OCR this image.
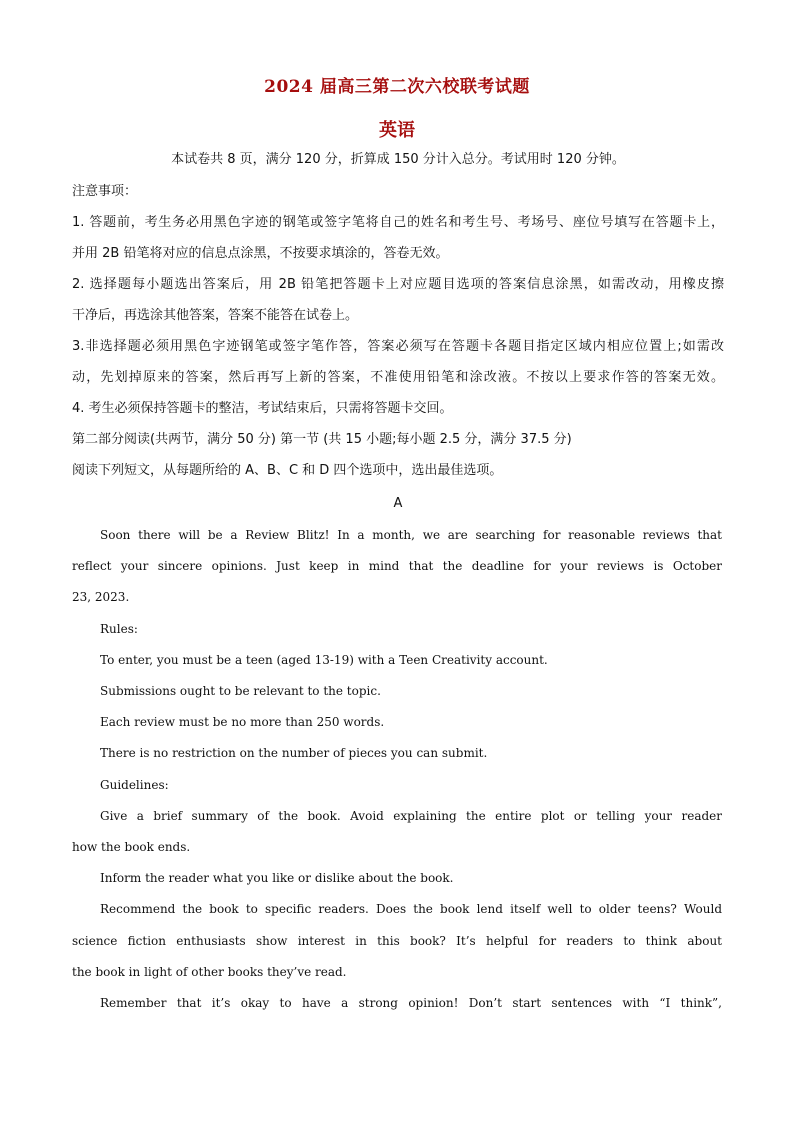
2024 届高三第二次六校联考试题
英语
本试卷共 8 页，满分 120 分，折算成 150 分计入总分。考试用时 120 分钟。
注意事项：
1. 答题前，考生务必用黑色字迹的钢笔或签字笔将自己的姓名和考生号、考场号、座位号填写在答题卡上，
并用 2B 铅笔将对应的信息点涂黑，不按要求填涂的，答卷无效。
2. 选择题每小题选出答案后，用 2B 铅笔把答题卡上对应题目选项的答案信息涂黑，如需改动，用橡皮擦
干净后，再选涂其他答案，答案不能答在试卷上。
3.非选择题必须用黑色字迹钢笔或签字笔作答，答案必须写在答题卡各题目指定区域内相应位置上;如需改
动，先划掉原来的答案，然后再写上新的答案，不准使用铅笔和涂改液。不按以上要求作答的答案无效。
4. 考生必须保持答题卡的整洁，考试结束后，只需将答题卡交回。
第二部分阅读(共两节，满分 50 分) 第一节 (共 15 小题;每小题 2.5 分，满分 37.5 分)
阅读下列短文，从每题所给的 A、B、C 和 D 四个选项中，选出最佳选项。
A
Soon there will be a Review Blitz! In a month, we are searching for reasonable reviews that
reflect your sincere opinions. Just keep in mind that the deadline for your reviews is October
23, 2023.
Rules:
To enter, you must be a teen (aged 13-19) with a Teen Creativity account.
Submissions ought to be relevant to the topic.
Each review must be no more than 250 words.
There is no restriction on the number of pieces you can submit.
Guidelines:
Give a brief summary of the book. Avoid explaining the entire plot or telling your reader
how the book ends.
Inform the reader what you like or dislike about the book.
Recommend the book to specific readers. Does the book lend itself well to older teens? Would
science fiction enthusiasts show interest in this book? It’s helpful for readers to think about
the book in light of other books they’ve read.
Remember that it’s okay to have a strong opinion! Don’t start sentences with “I think”,
